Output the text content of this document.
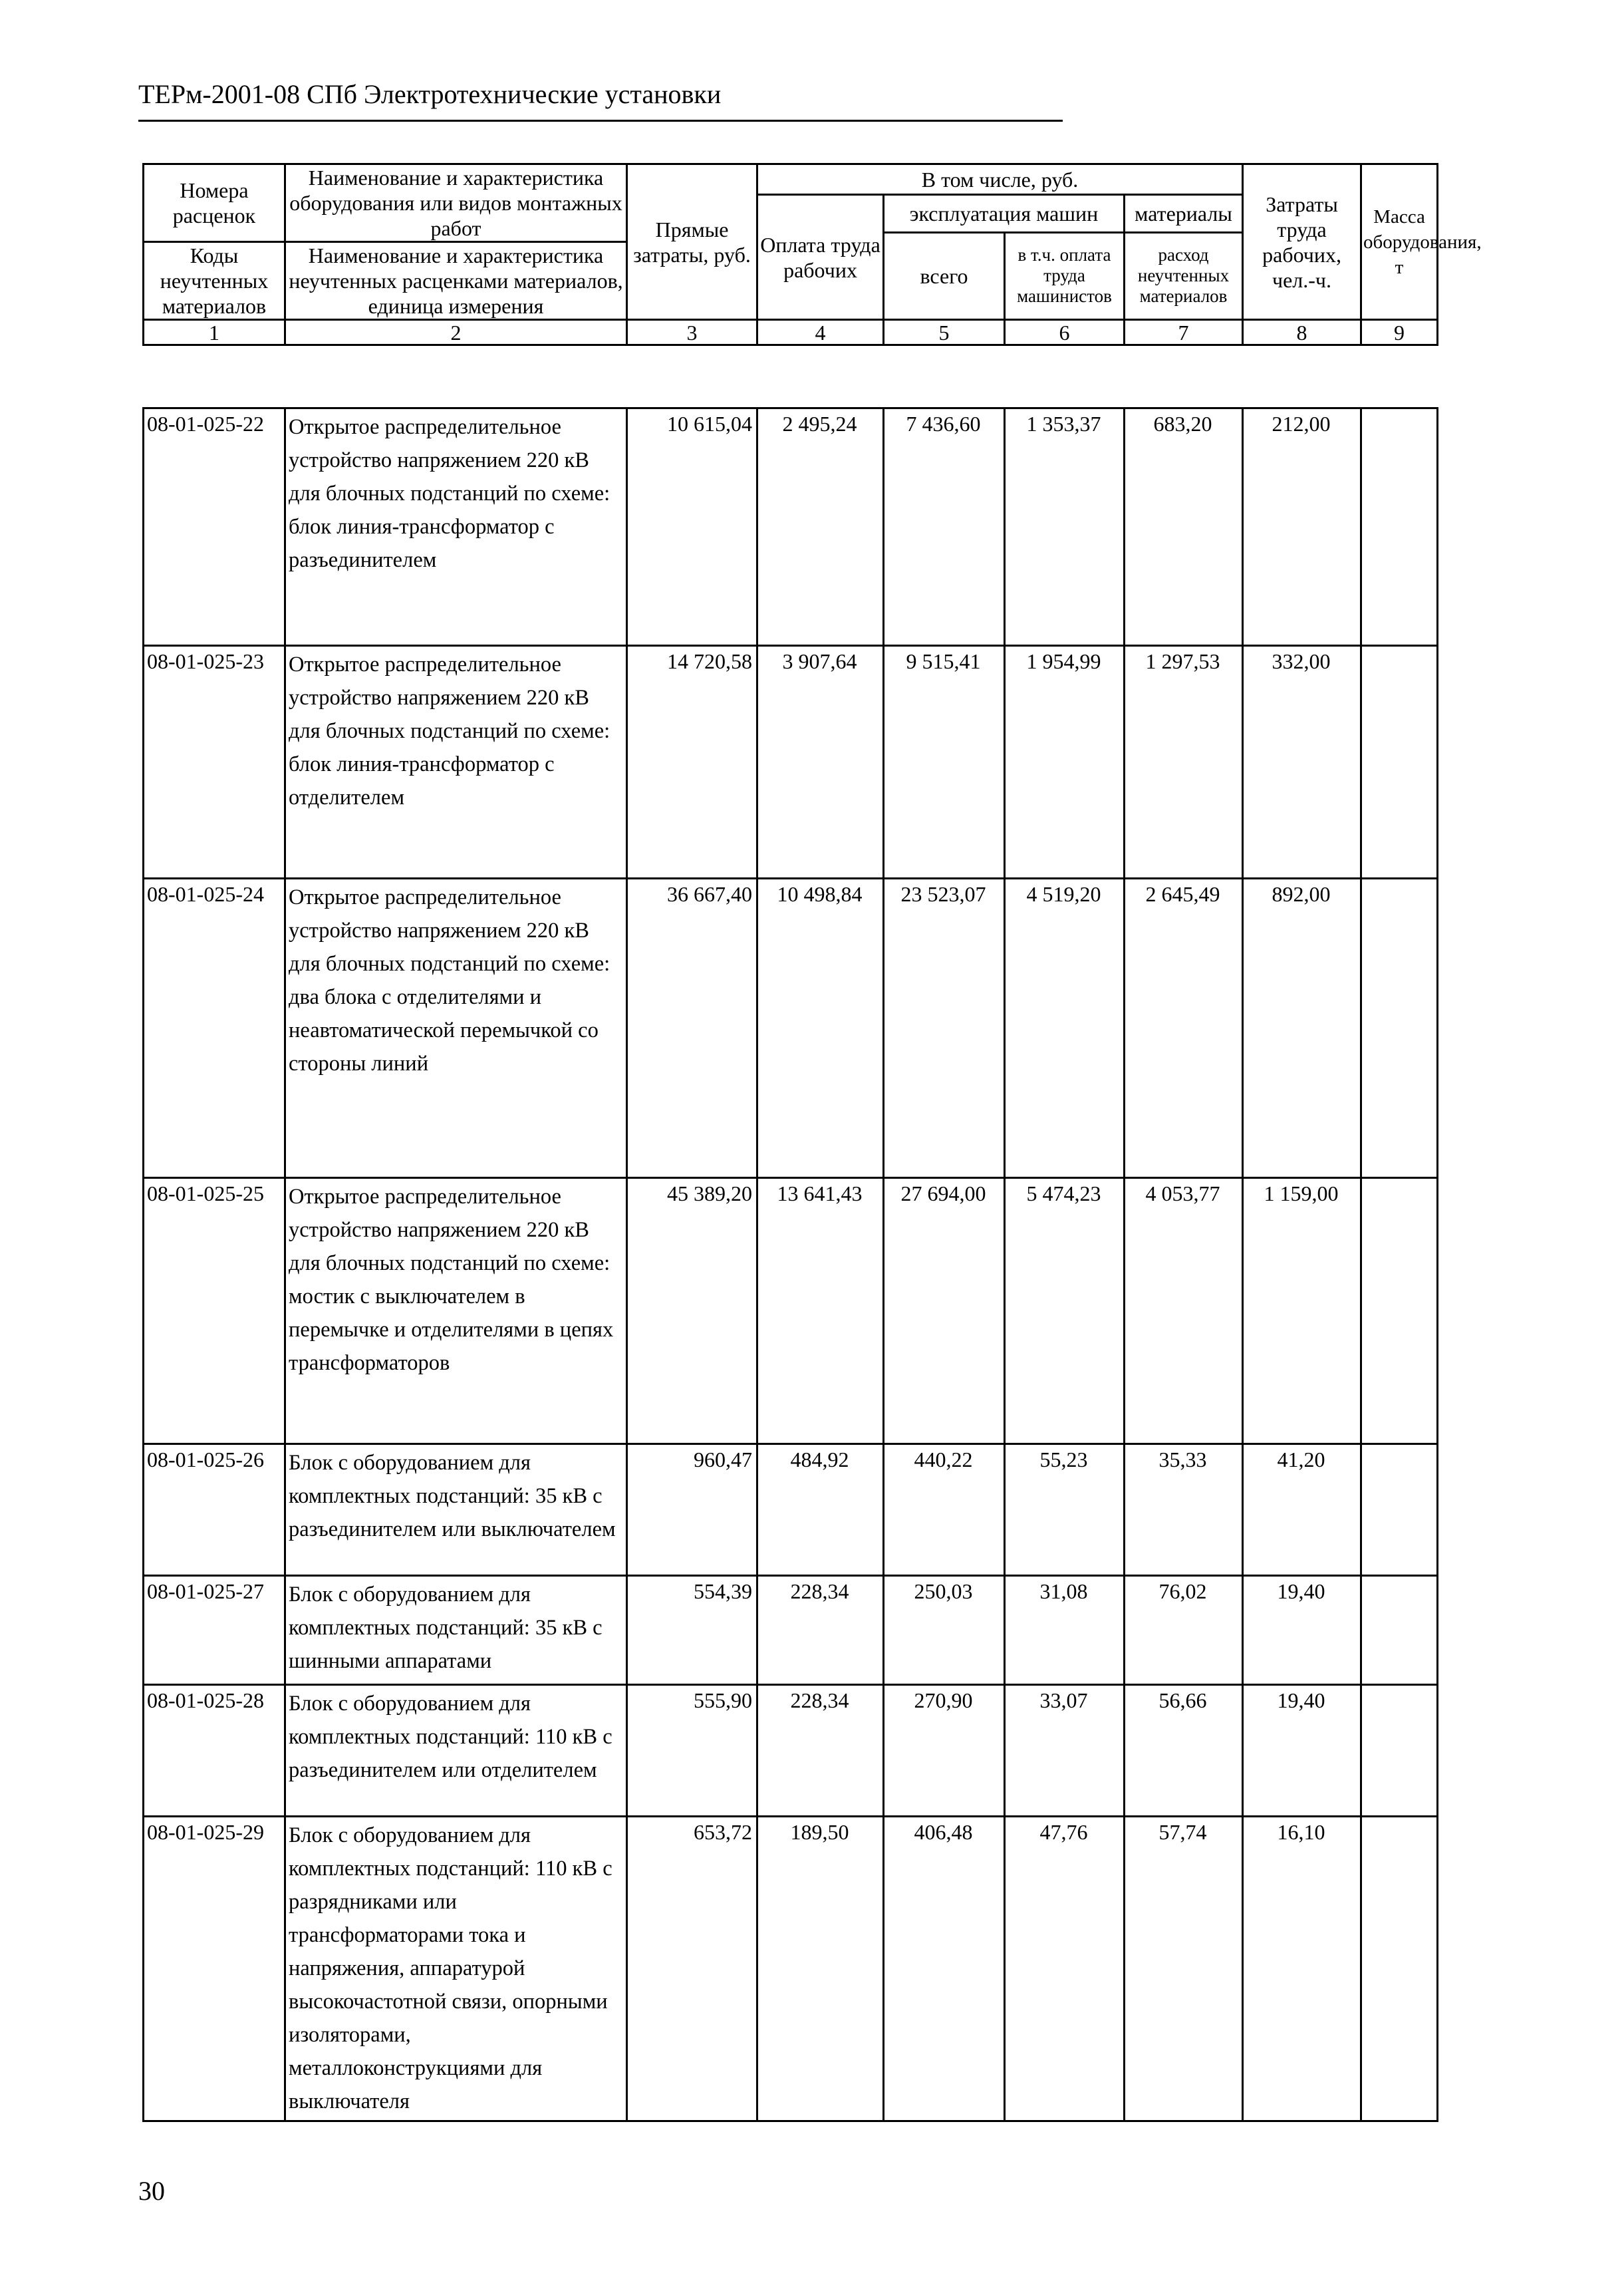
ТЕРм-2001-08 СПб Электротехнические установки
Номера расценок	Наименование и характеристика оборудования или видов монтажных работ	Прямые затраты, руб.	В том числе, руб.				Затраты труда рабочих, чел.-ч.	Масса оборудования, т
			Оплата труда рабочих	эксплуатация машин		материалы		
				всего	в т.ч. оплата труда машинистов	расход неучтенных материалов		
Коды неучтенных материалов	Наименование и характеристика неучтенных расценками материалов, единица измерения							

1	2	3	4	5	6	7	8	9
08-01-025-22	Открытое распределительное устройство напряжением 220 кВ для блочных подстанций по схеме: блок линия-трансформатор с разъединителем	10 615,04	2 495,24	7 436,60	1 353,37	683,20	212,00	
08-01-025-23	Открытое распределительное устройство напряжением 220 кВ для блочных подстанций по схеме: блок линия-трансформатор с отделителем	14 720,58	3 907,64	9 515,41	1 954,99	1 297,53	332,00	
08-01-025-24	Открытое распределительное устройство напряжением 220 кВ для блочных подстанций по схеме: два блока с отделителями и неавтоматической перемычкой со стороны линий	36 667,40	10 498,84	23 523,07	4 519,20	2 645,49	892,00	
08-01-025-25	Открытое распределительное устройство напряжением 220 кВ для блочных подстанций по схеме: мостик с выключателем в перемычке и отделителями в цепях трансформаторов	45 389,20	13 641,43	27 694,00	5 474,23	4 053,77	1 159,00	
08-01-025-26	Блок с оборудованием для комплектных подстанций: 35 кВ с разъединителем или выключателем	960,47	484,92	440,22	55,23	35,33	41,20	
08-01-025-27	Блок с оборудованием для комплектных подстанций: 35 кВ с шинными аппаратами	554,39	228,34	250,03	31,08	76,02	19,40	
08-01-025-28	Блок с оборудованием для комплектных подстанций: 110 кВ с разъединителем или отделителем	555,90	228,34	270,90	33,07	56,66	19,40	
08-01-025-29	Блок с оборудованием для комплектных подстанций: 110 кВ с разрядниками или трансформаторами тока и напряжения, аппаратурой высокочастотной связи, опорными изоляторами, металлоконструкциями для выключателя	653,72	189,50	406,48	47,76	57,74	16,10	
30
